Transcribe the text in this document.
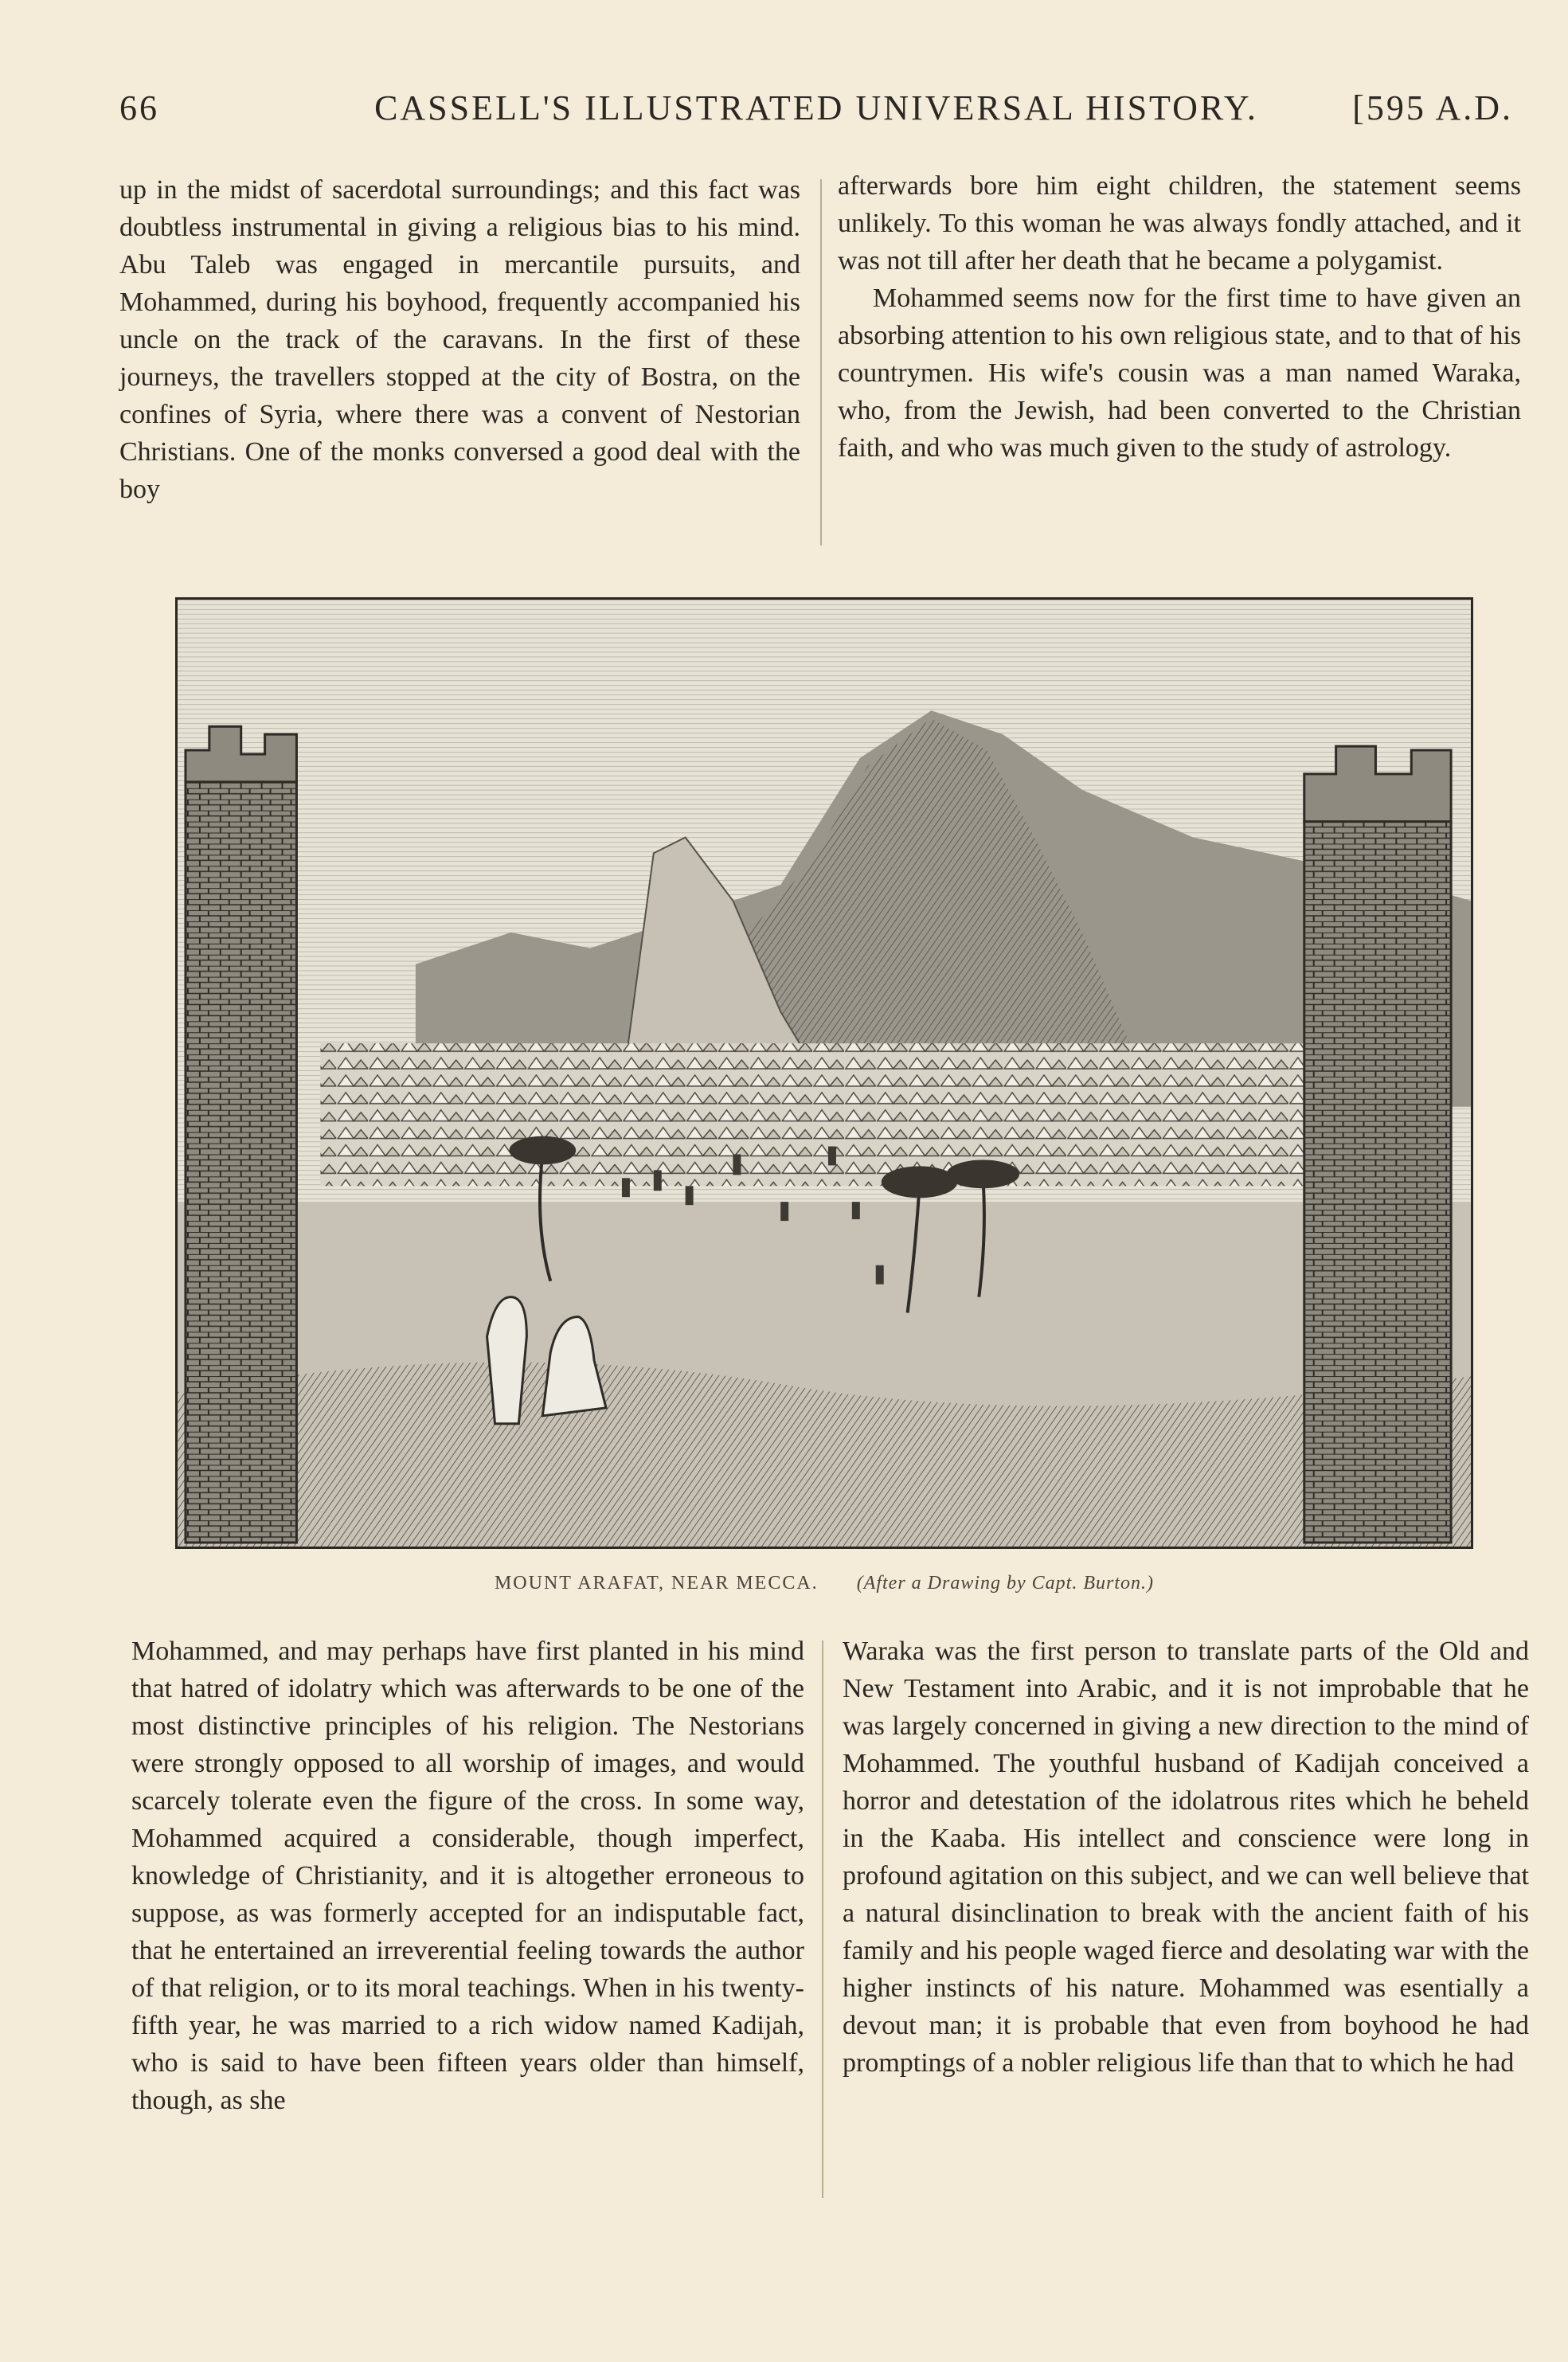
66	CASSELL'S ILLUSTRATED UNIVERSAL HISTORY.	[595 A.D.

up in the midst of sacerdotal surroundings; and this fact was doubtless instrumental in giving a religious bias to his mind. Abu Taleb was engaged in mercantile pursuits, and Mohammed, during his boyhood, frequently accompanied his uncle on the track of the caravans. In the first of these journeys, the travellers stopped at the city of Bostra, on the confines of Syria, where there was a convent of Nestorian Christians. One of the monks conversed a good deal with the boy

afterwards bore him eight children, the statement seems unlikely. To this woman he was always fondly attached, and it was not till after her death that he became a polygamist.

Mohammed seems now for the first time to have given an absorbing attention to his own religious state, and to that of his countrymen. His wife's cousin was a man named Waraka, who, from the Jewish, had been converted to the Christian faith, and who was much given to the study of astrology.

MOUNT ARAFAT, NEAR MECCA. (After a Drawing by Capt. Burton.)

Mohammed, and may perhaps have first planted in his mind that hatred of idolatry which was afterwards to be one of the most distinctive principles of his religion. The Nestorians were strongly opposed to all worship of images, and would scarcely tolerate even the figure of the cross. In some way, Mohammed acquired a considerable, though imperfect, knowledge of Christianity, and it is altogether erroneous to suppose, as was formerly accepted for an indisputable fact, that he entertained an irreverential feeling towards the author of that religion, or to its moral teachings. When in his twenty-fifth year, he was married to a rich widow named Kadijah, who is said to have been fifteen years older than himself, though, as she

Waraka was the first person to translate parts of the Old and New Testament into Arabic, and it is not improbable that he was largely concerned in giving a new direction to the mind of Mohammed. The youthful husband of Kadijah conceived a horror and detestation of the idolatrous rites which he beheld in the Kaaba. His intellect and conscience were long in profound agitation on this subject, and we can well believe that a natural disinclination to break with the ancient faith of his family and his people waged fierce and desolating war with the higher instincts of his nature. Mohammed was esentially a devout man; it is probable that even from boyhood he had promptings of a nobler religious life than that to which he had
